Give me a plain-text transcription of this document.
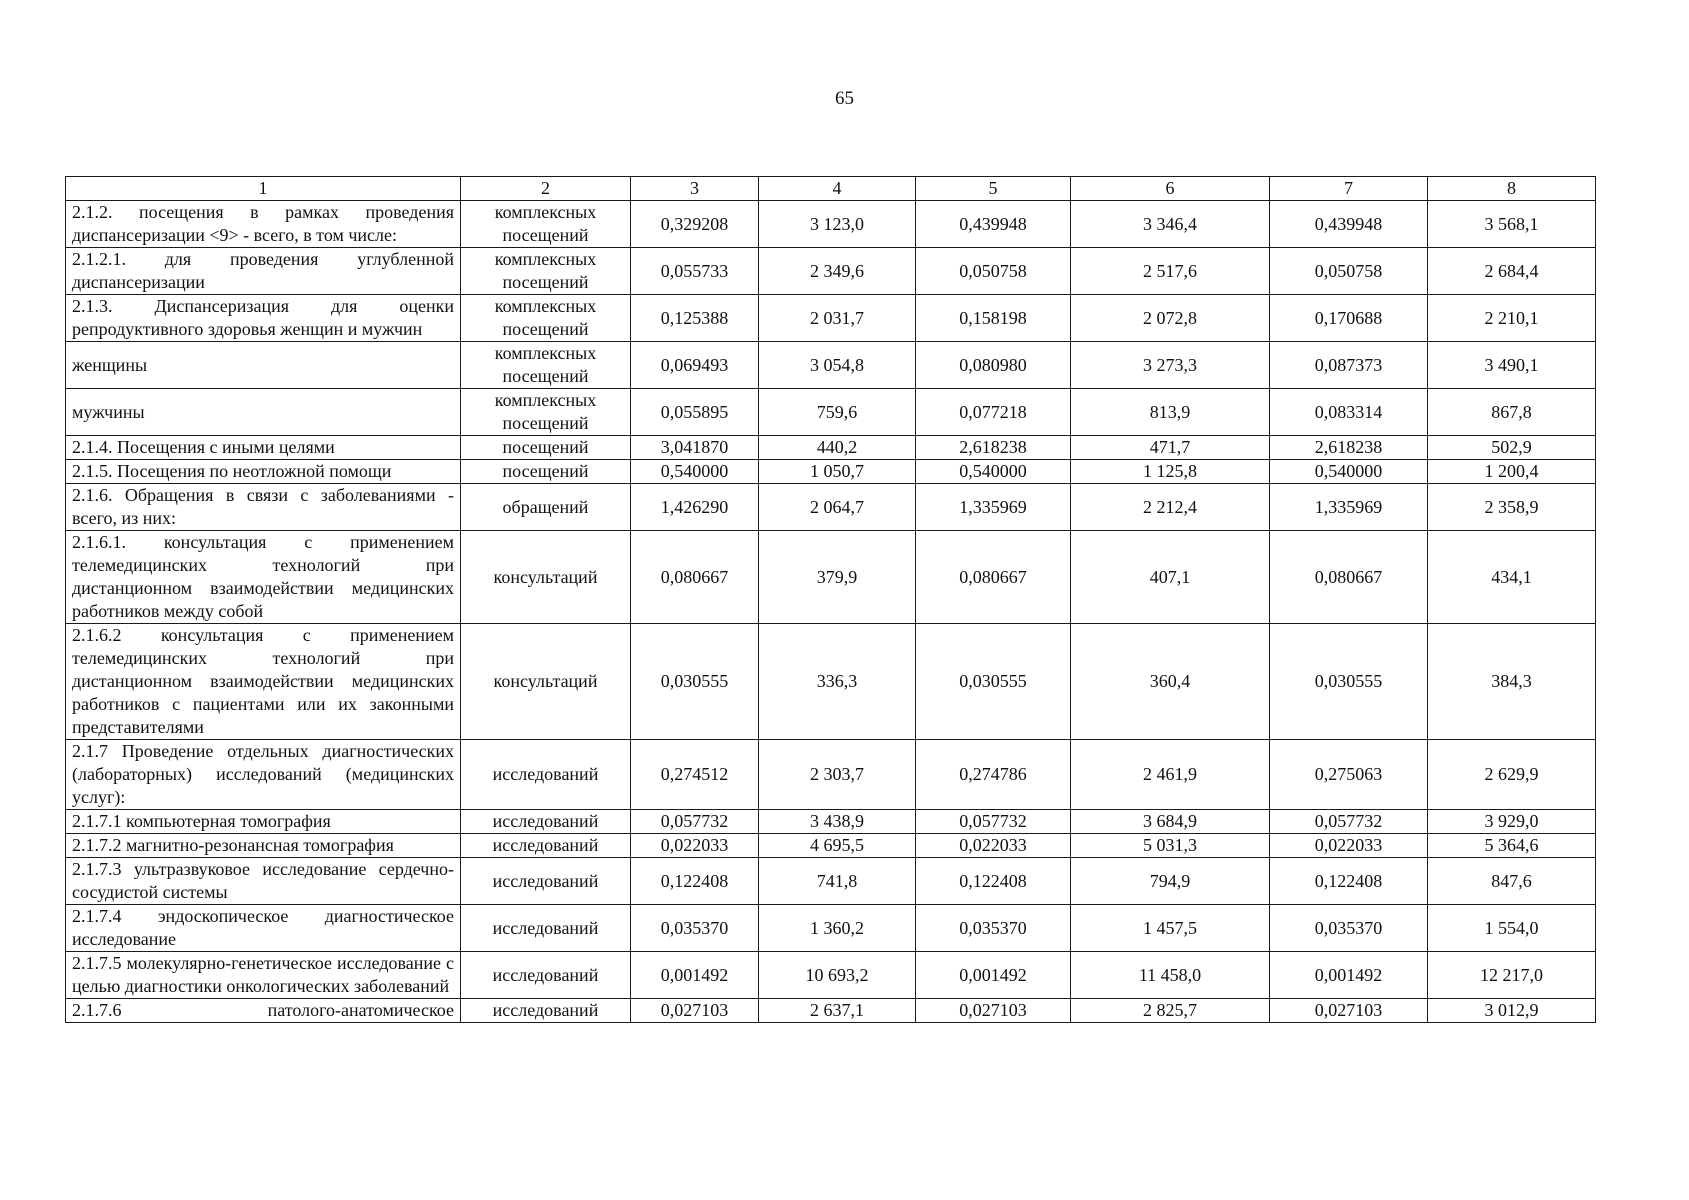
65
1	2	3	4	5	6	7	8
2.1.2. посещения в рамках проведения диспансеризации <9> - всего, в том числе:	комплексных посещений	0,329208	3 123,0	0,439948	3 346,4	0,439948	3 568,1
2.1.2.1. для проведения углубленной диспансеризации	комплексных посещений	0,055733	2 349,6	0,050758	2 517,6	0,050758	2 684,4
2.1.3. Диспансеризация для оценки репродуктивного здоровья женщин и мужчин	комплексных посещений	0,125388	2 031,7	0,158198	2 072,8	0,170688	2 210,1
женщины	комплексных посещений	0,069493	3 054,8	0,080980	3 273,3	0,087373	3 490,1
мужчины	комплексных посещений	0,055895	759,6	0,077218	813,9	0,083314	867,8
2.1.4. Посещения с иными целями	посещений	3,041870	440,2	2,618238	471,7	2,618238	502,9
2.1.5. Посещения по неотложной помощи	посещений	0,540000	1 050,7	0,540000	1 125,8	0,540000	1 200,4
2.1.6. Обращения в связи с заболеваниями - всего, из них:	обращений	1,426290	2 064,7	1,335969	2 212,4	1,335969	2 358,9
2.1.6.1. консультация с применением телемедицинских технологий при дистанционном взаимодействии медицинских работников между собой	консультаций	0,080667	379,9	0,080667	407,1	0,080667	434,1
2.1.6.2 консультация с применением телемедицинских технологий при дистанционном взаимодействии медицинских работников с пациентами или их законными представителями	консультаций	0,030555	336,3	0,030555	360,4	0,030555	384,3
2.1.7 Проведение отдельных диагностических (лабораторных) исследований (медицинских услуг):	исследований	0,274512	2 303,7	0,274786	2 461,9	0,275063	2 629,9
2.1.7.1 компьютерная томография	исследований	0,057732	3 438,9	0,057732	3 684,9	0,057732	3 929,0
2.1.7.2 магнитно-резонансная томография	исследований	0,022033	4 695,5	0,022033	5 031,3	0,022033	5 364,6
2.1.7.3 ультразвуковое исследование сердечно-сосудистой системы	исследований	0,122408	741,8	0,122408	794,9	0,122408	847,6
2.1.7.4 эндоскопическое диагностическое исследование	исследований	0,035370	1 360,2	0,035370	1 457,5	0,035370	1 554,0
2.1.7.5 молекулярно-генетическое исследование с целью диагностики онкологических заболеваний	исследований	0,001492	10 693,2	0,001492	11 458,0	0,001492	12 217,0
2.1.7.6 патолого-анатомическое	исследований	0,027103	2 637,1	0,027103	2 825,7	0,027103	3 012,9
